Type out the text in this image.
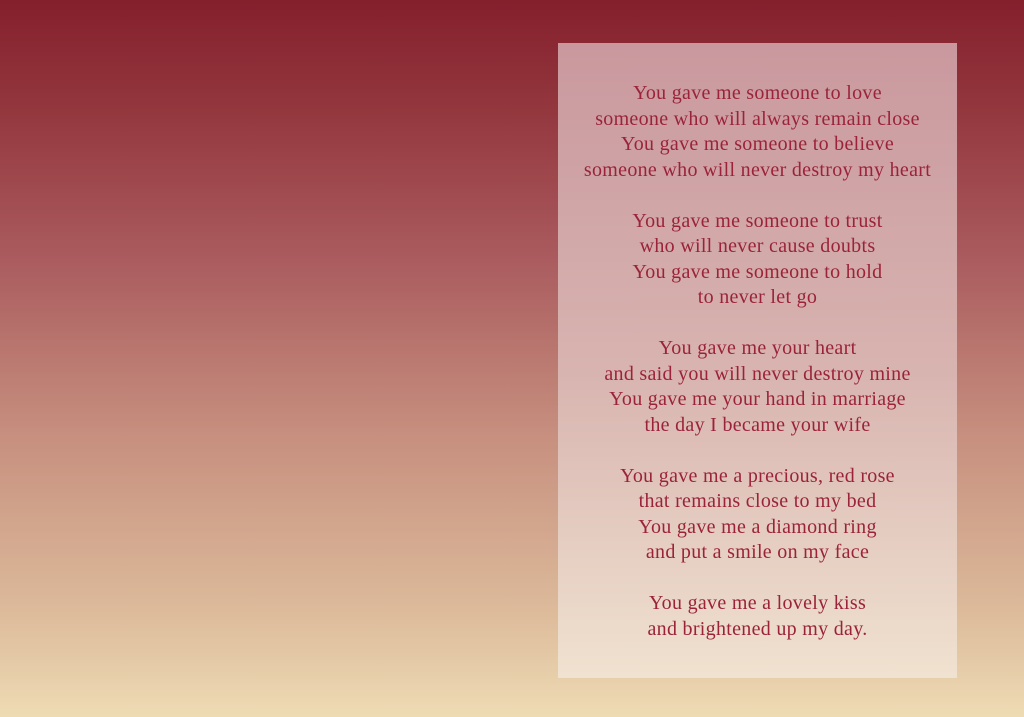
You gave me someone to love
someone who will always remain close
You gave me someone to believe
someone who will never destroy my heart
You gave me someone to trust
who will never cause doubts
You gave me someone to hold
to never let go
You gave me your heart
and said you will never destroy mine
You gave me your hand in marriage
the day I became your wife
You gave me a precious, red rose
that remains close to my bed
You gave me a diamond ring
and put a smile on my face
You gave me a lovely kiss
and brightened up my day.
